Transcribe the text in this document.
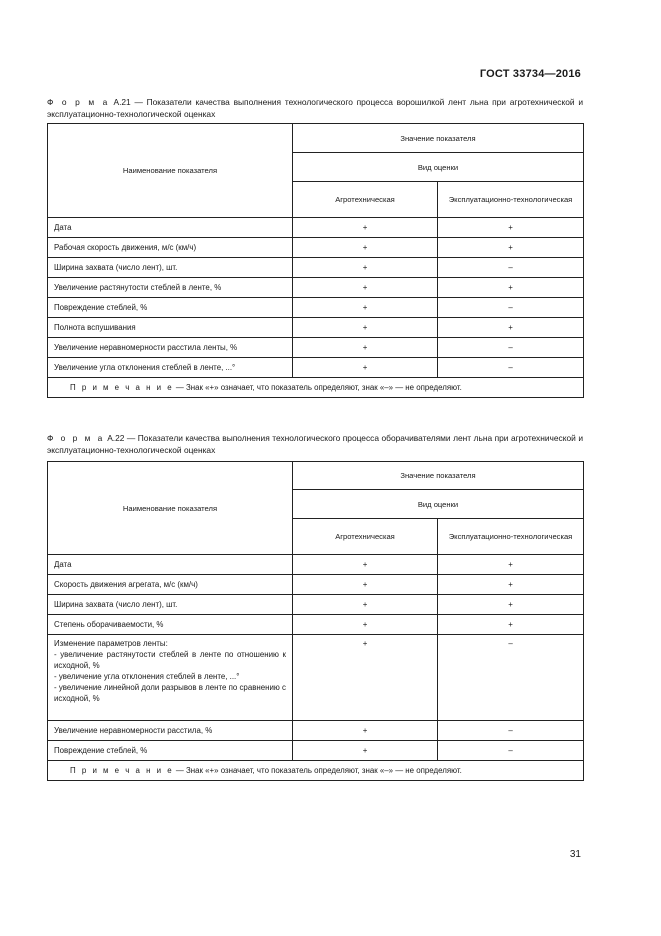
ГОСТ 33734—2016
Ф о р м а А.21 — Показатели качества выполнения технологического процесса ворошилкой лент льна при агротехнической и эксплуатационно-технологической оценках
Наименование показателя	Значение показателя	
	Вид оценки	
	Агротехническая	Эксплуатационно-технологическая
Дата	+	+
Рабочая скорость движения, м/с (км/ч)	+	+
Ширина захвата (число лент), шт.	+	–
Увеличение растянутости стеблей в ленте, %	+	+
Повреждение стеблей, %	+	–
Полнота вспушивания	+	+
Увеличение неравномерности расстила ленты, %	+	–
Увеличение угла отклонения стеблей в ленте, ...°	+	–
П р и м е ч а н и е — Знак «+» означает, что показатель определяют, знак «–» — не определяют.		
Ф о р м а А.22 — Показатели качества выполнения технологического процесса оборачивателями лент льна при агротехнической и эксплуатационно-технологической оценках
Наименование показателя	Значение показателя	
	Вид оценки	
	Агротехническая	Эксплуатационно-технологическая
Дата	+	+
Скорость движения агрегата, м/с (км/ч)	+	+
Ширина захвата (число лент), шт.	+	+
Степень оборачиваемости, %	+	+

Изменение параметров ленты:
- увеличение растянутости стеблей в ленте по отношению к исходной, %
- увеличение угла отклонения стеблей в ленте, ...°
- увеличение линейной доли разрывов в ленте по сравнению с исходной, %	+	–
Увеличение неравномерности расстила, %	+	–
Повреждение стеблей, %	+	–
П р и м е ч а н и е — Знак «+» означает, что показатель определяют, знак «–» — не определяют.		
31
